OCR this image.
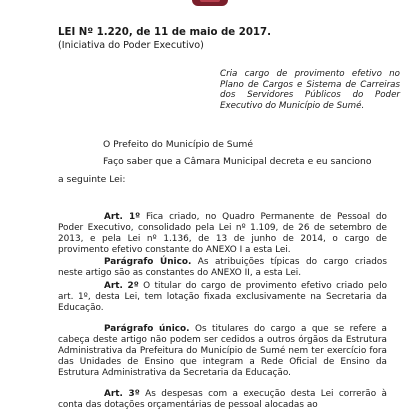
LEI Nº 1.220, de 11 de maio de 2017.
(Iniciativa do Poder Executivo)
Cria cargo de provimento efetivo no Plano de Cargos e Sistema de Carreiras dos Servidores Públicos do Poder Executivo do Município de Sumé.
O Prefeito do Município de Sumé
Faço saber que a Câmara Municipal decreta e eu sanciono
a seguinte Lei:
Art. 1º Fica criado, no Quadro Permanente de Pessoal do Poder Executivo, consolidado pela Lei nº 1.109, de 26 de setembro de 2013, e pela Lei nº 1.136, de 13 de junho de 2014, o cargo de provimento efetivo constante do ANEXO I a esta Lei.
Parágrafo Único. As atribuições típicas do cargo criados neste artigo são as constantes do ANEXO II, a esta Lei.
Art. 2º O titular do cargo de provimento efetivo criado pelo art. 1º, desta Lei, tem lotação fixada exclusivamente na Secretaria da Educação.
Parágrafo único. Os titulares do cargo a que se refere a cabeça deste artigo não podem ser cedidos a outros órgãos da Estrutura Administrativa da Prefeitura do Município de Sumé nem ter exercício fora das Unidades de Ensino que integram a Rede Oficial de Ensino da Estrutura Administrativa da Secretaria da Educação.
Art. 3º As despesas com a execução desta Lei correrão à conta das dotações orçamentárias de pessoal alocadas ao
